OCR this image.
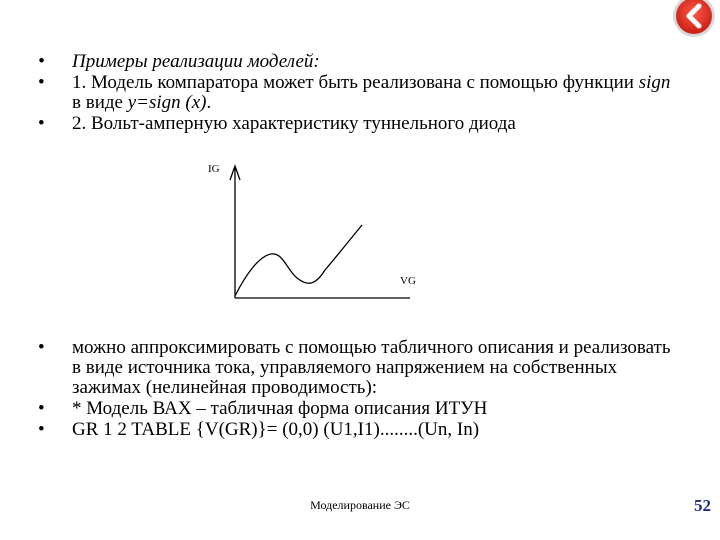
• Примеры реализации моделей:
• 1. Модель компаратора может быть реализована с помощью функции sign в виде y=sign (x).
• 2. Вольт-амперную характеристику туннельного диода
IG
VG
• можно аппроксимировать с помощью табличного описания и реализовать в виде источника тока, управляемого напряжением на собственных зажимах (нелинейная проводимость):
• * Модель ВАХ – табличная форма описания ИТУН
• GR 1 2 TABLE {V(GR)}= (0,0) (U1,I1)........(Un, In)
Моделирование ЭС	52
